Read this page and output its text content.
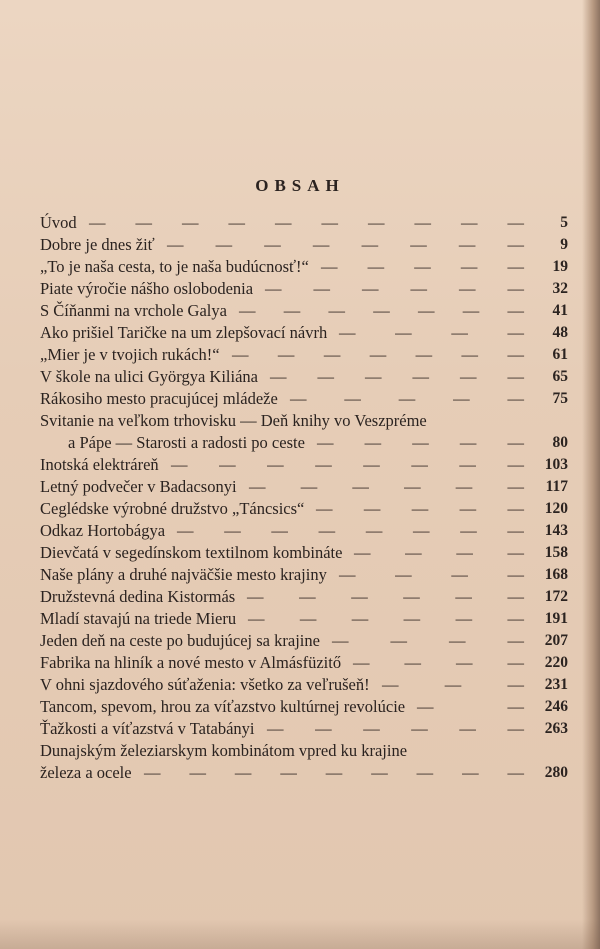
OBSAH
Úvod	5
— — — — — — — — — —
Dobre je dnes žiť	9
— — — — — — — —
„To je naša cesta, to je naša budúcnosť!“	19
— — — — —
Piate výročie nášho oslobodenia	32
— — — — — —
S Číňanmi na vrchole Galya	41
— — — — — — —
Ako prišiel Taričke na um zlepšovací návrh	48
— — — —
„Mier je v tvojich rukách!“	61
— — — — — — —
V škole na ulici Györgya Kiliána	65
— — — — — —
Rákosiho mesto pracujúcej mládeže	75
— — — — —
Svitanie na veľkom trhovisku — Deň knihy vo Veszpréme
a Pápe — Starosti a radosti po ceste	80
— — — — —
Inotská elektráreň	103
— — — — — — — —
Letný podvečer v Badacsonyi	117
— — — — — —
Ceglédske výrobné družstvo „Táncsics“	120
— — — — —
Odkaz Hortobágya	143
— — — — — — — —
Dievčatá v segedínskom textilnom kombináte	158
— — — —
Naše plány a druhé najväčšie mesto krajiny	168
— — — —
Družstevná dedina Kistormás	172
— — — — — —
Mladí stavajú na triede Mieru	191
— — — — — —
Jeden deň na ceste po budujúcej sa krajine	207
—	—	—	—
Fabrika na hliník a nové mesto v Almásfüzitő	220
— — — —
V ohni sjazdového súťaženia: všetko za veľrušeň!	231
—	—	—
Tancom, spevom, hrou za víťazstvo kultúrnej revolúcie	246
—	—
Ťažkosti a víťazstvá v Tatabányi	263
— — — — — —
Dunajským železiarskym kombinátom vpred ku krajine
železa a ocele	280
— — — — — — — — —
